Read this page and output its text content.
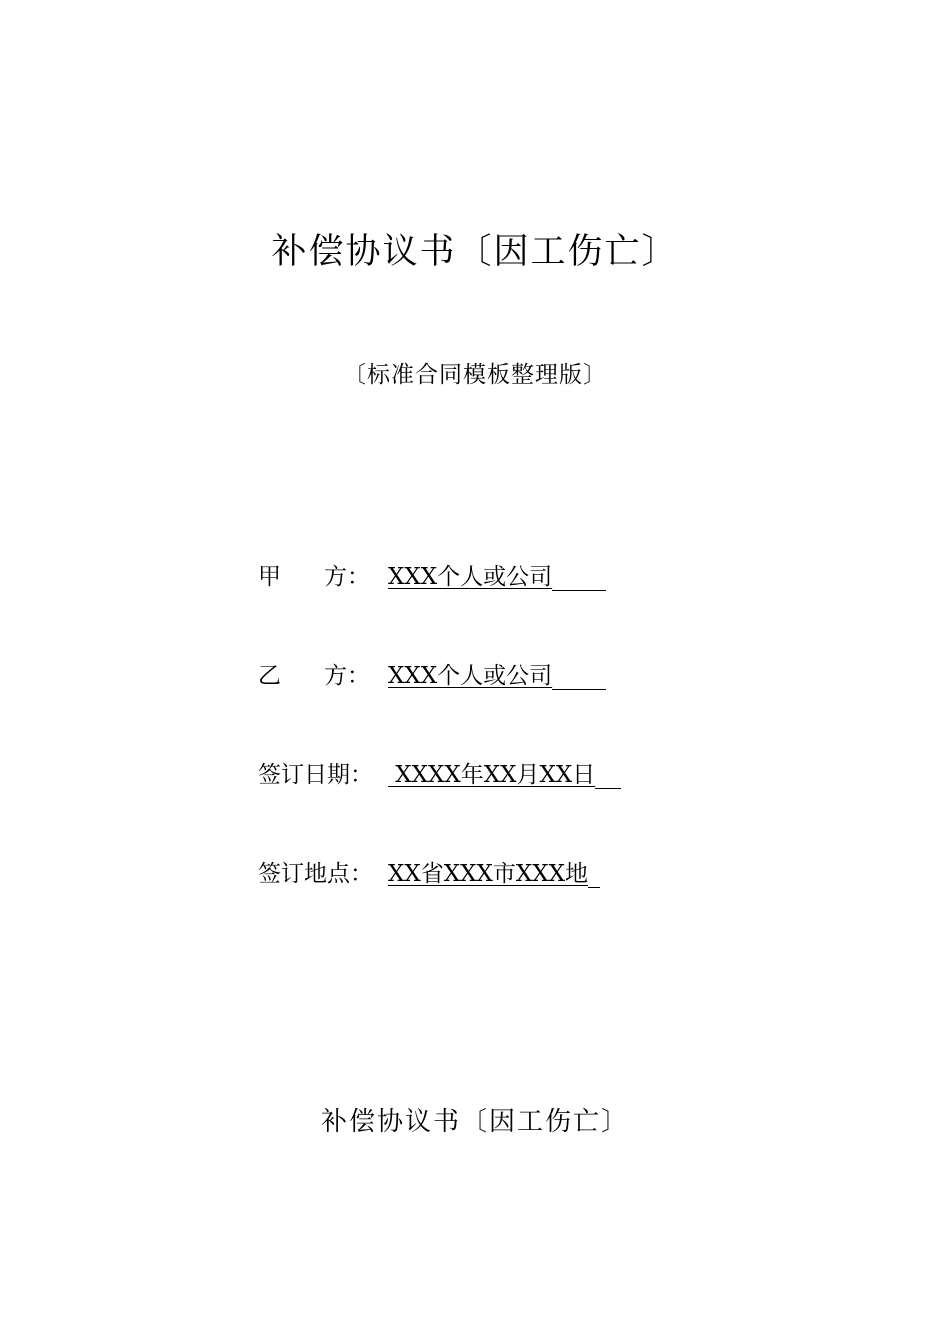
补偿协议书〔因工伤亡〕
〔标准合同模板整理版〕
甲 方： XXX个人或公司
乙 方： XXX个人或公司
签订日期： XXXX年XX月XX日
签订地点： XX省XXX市XXX地
补偿协议书〔因工伤亡〕
